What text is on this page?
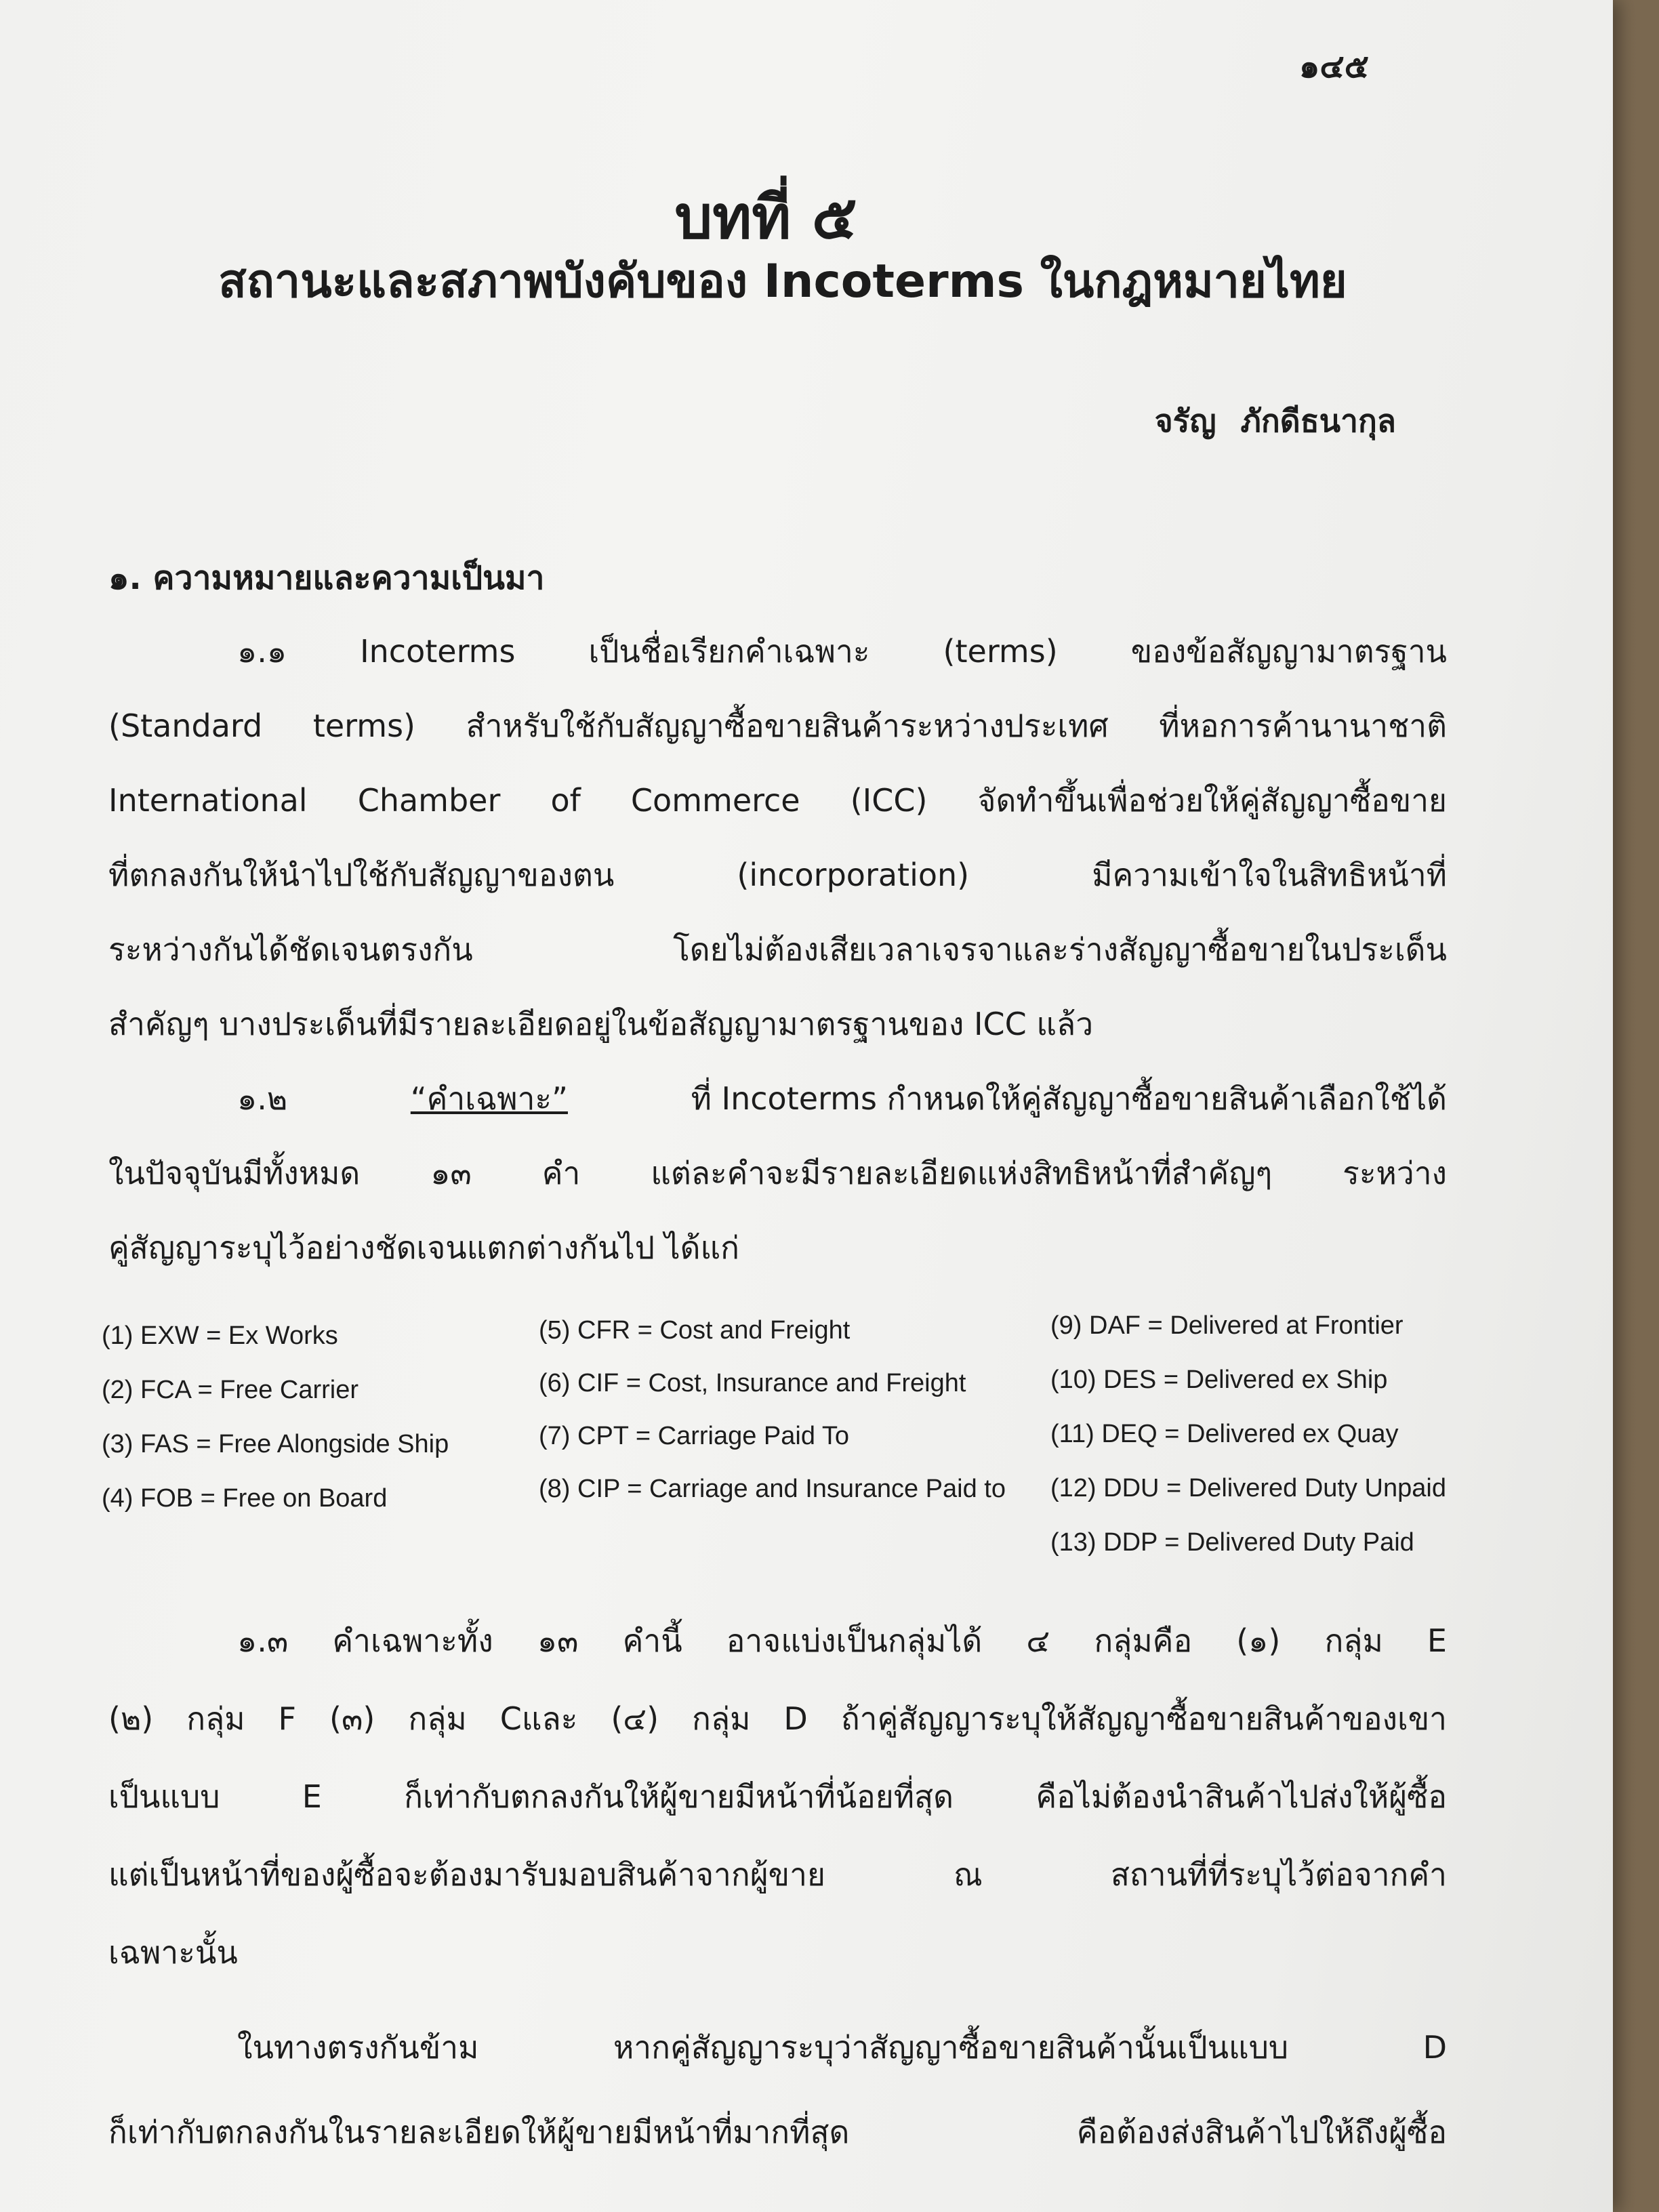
๑๔๕
บทที่ ๕
สถานะและสภาพบังคับของ Incoterms ในกฎหมายไทย
จรัญ ภักดีธนากุล
๑. ความหมายและความเป็นมา
๑.๑ Incoterms เป็นชื่อเรียกคำเฉพาะ (terms) ของข้อสัญญามาตรฐาน
(Standard terms) สำหรับใช้กับสัญญาซื้อขายสินค้าระหว่างประเทศ ที่หอการค้านานาชาติ
International Chamber of Commerce (ICC) จัดทำขึ้นเพื่อช่วยให้คู่สัญญาซื้อขาย
ที่ตกลงกันให้นำไปใช้กับสัญญาของตน (incorporation) มีความเข้าใจในสิทธิหน้าที่
ระหว่างกันได้ชัดเจนตรงกัน โดยไม่ต้องเสียเวลาเจรจาและร่างสัญญาซื้อขายในประเด็น
สำคัญๆ บางประเด็นที่มีรายละเอียดอยู่ในข้อสัญญามาตรฐานของ ICC แล้ว
๑.๒	“คำเฉพาะ”	ที่ Incoterms กำหนดให้คู่สัญญาซื้อขายสินค้าเลือกใช้ได้
ในปัจจุบันมีทั้งหมด ๑๓ คำ แต่ละคำจะมีรายละเอียดแห่งสิทธิหน้าที่สำคัญๆ ระหว่าง
คู่สัญญาระบุไว้อย่างชัดเจนแตกต่างกันไป ได้แก่
(1) EXW = Ex Works
(2) FCA = Free Carrier
(3) FAS = Free Alongside Ship
(4) FOB = Free on Board
(5) CFR = Cost and Freight
(6) CIF = Cost, Insurance and Freight
(7) CPT = Carriage Paid To
(8) CIP = Carriage and Insurance Paid to
(9) DAF = Delivered at Frontier
(10) DES = Delivered ex Ship
(11) DEQ = Delivered ex Quay
(12) DDU = Delivered Duty Unpaid
(13) DDP = Delivered Duty Paid
๑.๓ คำเฉพาะทั้ง ๑๓ คำนี้ อาจแบ่งเป็นกลุ่มได้ ๔ กลุ่มคือ (๑) กลุ่ม E
(๒) กลุ่ม F (๓) กลุ่ม Cและ (๔) กลุ่ม D ถ้าคู่สัญญาระบุให้สัญญาซื้อขายสินค้าของเขา
เป็นแบบ E ก็เท่ากับตกลงกันให้ผู้ขายมีหน้าที่น้อยที่สุด คือไม่ต้องนำสินค้าไปส่งให้ผู้ซื้อ
แต่เป็นหน้าที่ของผู้ซื้อจะต้องมารับมอบสินค้าจากผู้ขาย ณ สถานที่ที่ระบุไว้ต่อจากคำ
เฉพาะนั้น
ในทางตรงกันข้าม หากคู่สัญญาระบุว่าสัญญาซื้อขายสินค้านั้นเป็นแบบ D
ก็เท่ากับตกลงกันในรายละเอียดให้ผู้ขายมีหน้าที่มากที่สุด คือต้องส่งสินค้าไปให้ถึงผู้ซื้อ
